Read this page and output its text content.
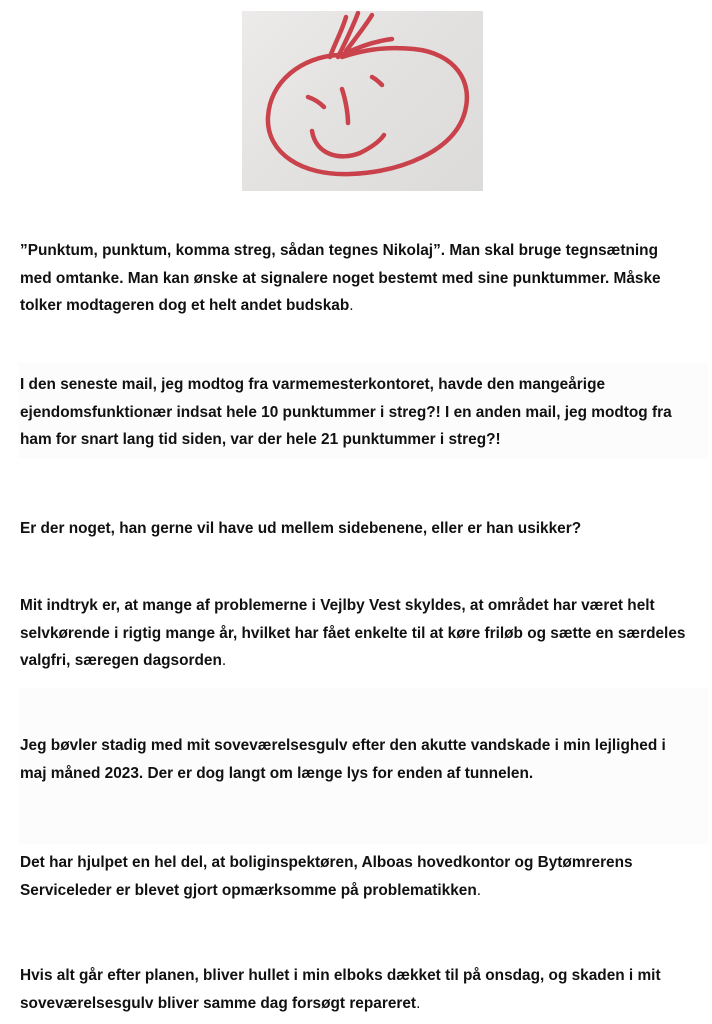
”Punktum, punktum, komma streg, sådan tegnes Nikolaj”. Man skal bruge tegnsætning
med omtanke. Man kan ønske at signalere noget bestemt med sine punktummer. Måske
tolker modtageren dog et helt andet budskab.
I den seneste mail, jeg modtog fra varmemesterkontoret, havde den mangeårige
ejendomsfunktionær indsat hele 10 punktummer i streg?! I en anden mail, jeg modtog fra
ham for snart lang tid siden, var der hele 21 punktummer i streg?!
Er der noget, han gerne vil have ud mellem sidebenene, eller er han usikker?
Mit indtryk er, at mange af problemerne i Vejlby Vest skyldes, at området har været helt
selvkørende i rigtig mange år, hvilket har fået enkelte til at køre friløb og sætte en særdeles
valgfri, særegen dagsorden.
Jeg bøvler stadig med mit soveværelsesgulv efter den akutte vandskade i min lejlighed i
maj måned 2023. Der er dog langt om længe lys for enden af tunnelen.
Det har hjulpet en hel del, at boliginspektøren, Alboas hovedkontor og Bytømrerens
Serviceleder er blevet gjort opmærksomme på problematikken.
Hvis alt går efter planen, bliver hullet i min elboks dækket til på onsdag, og skaden i mit
soveværelsesgulv bliver samme dag forsøgt repareret.
